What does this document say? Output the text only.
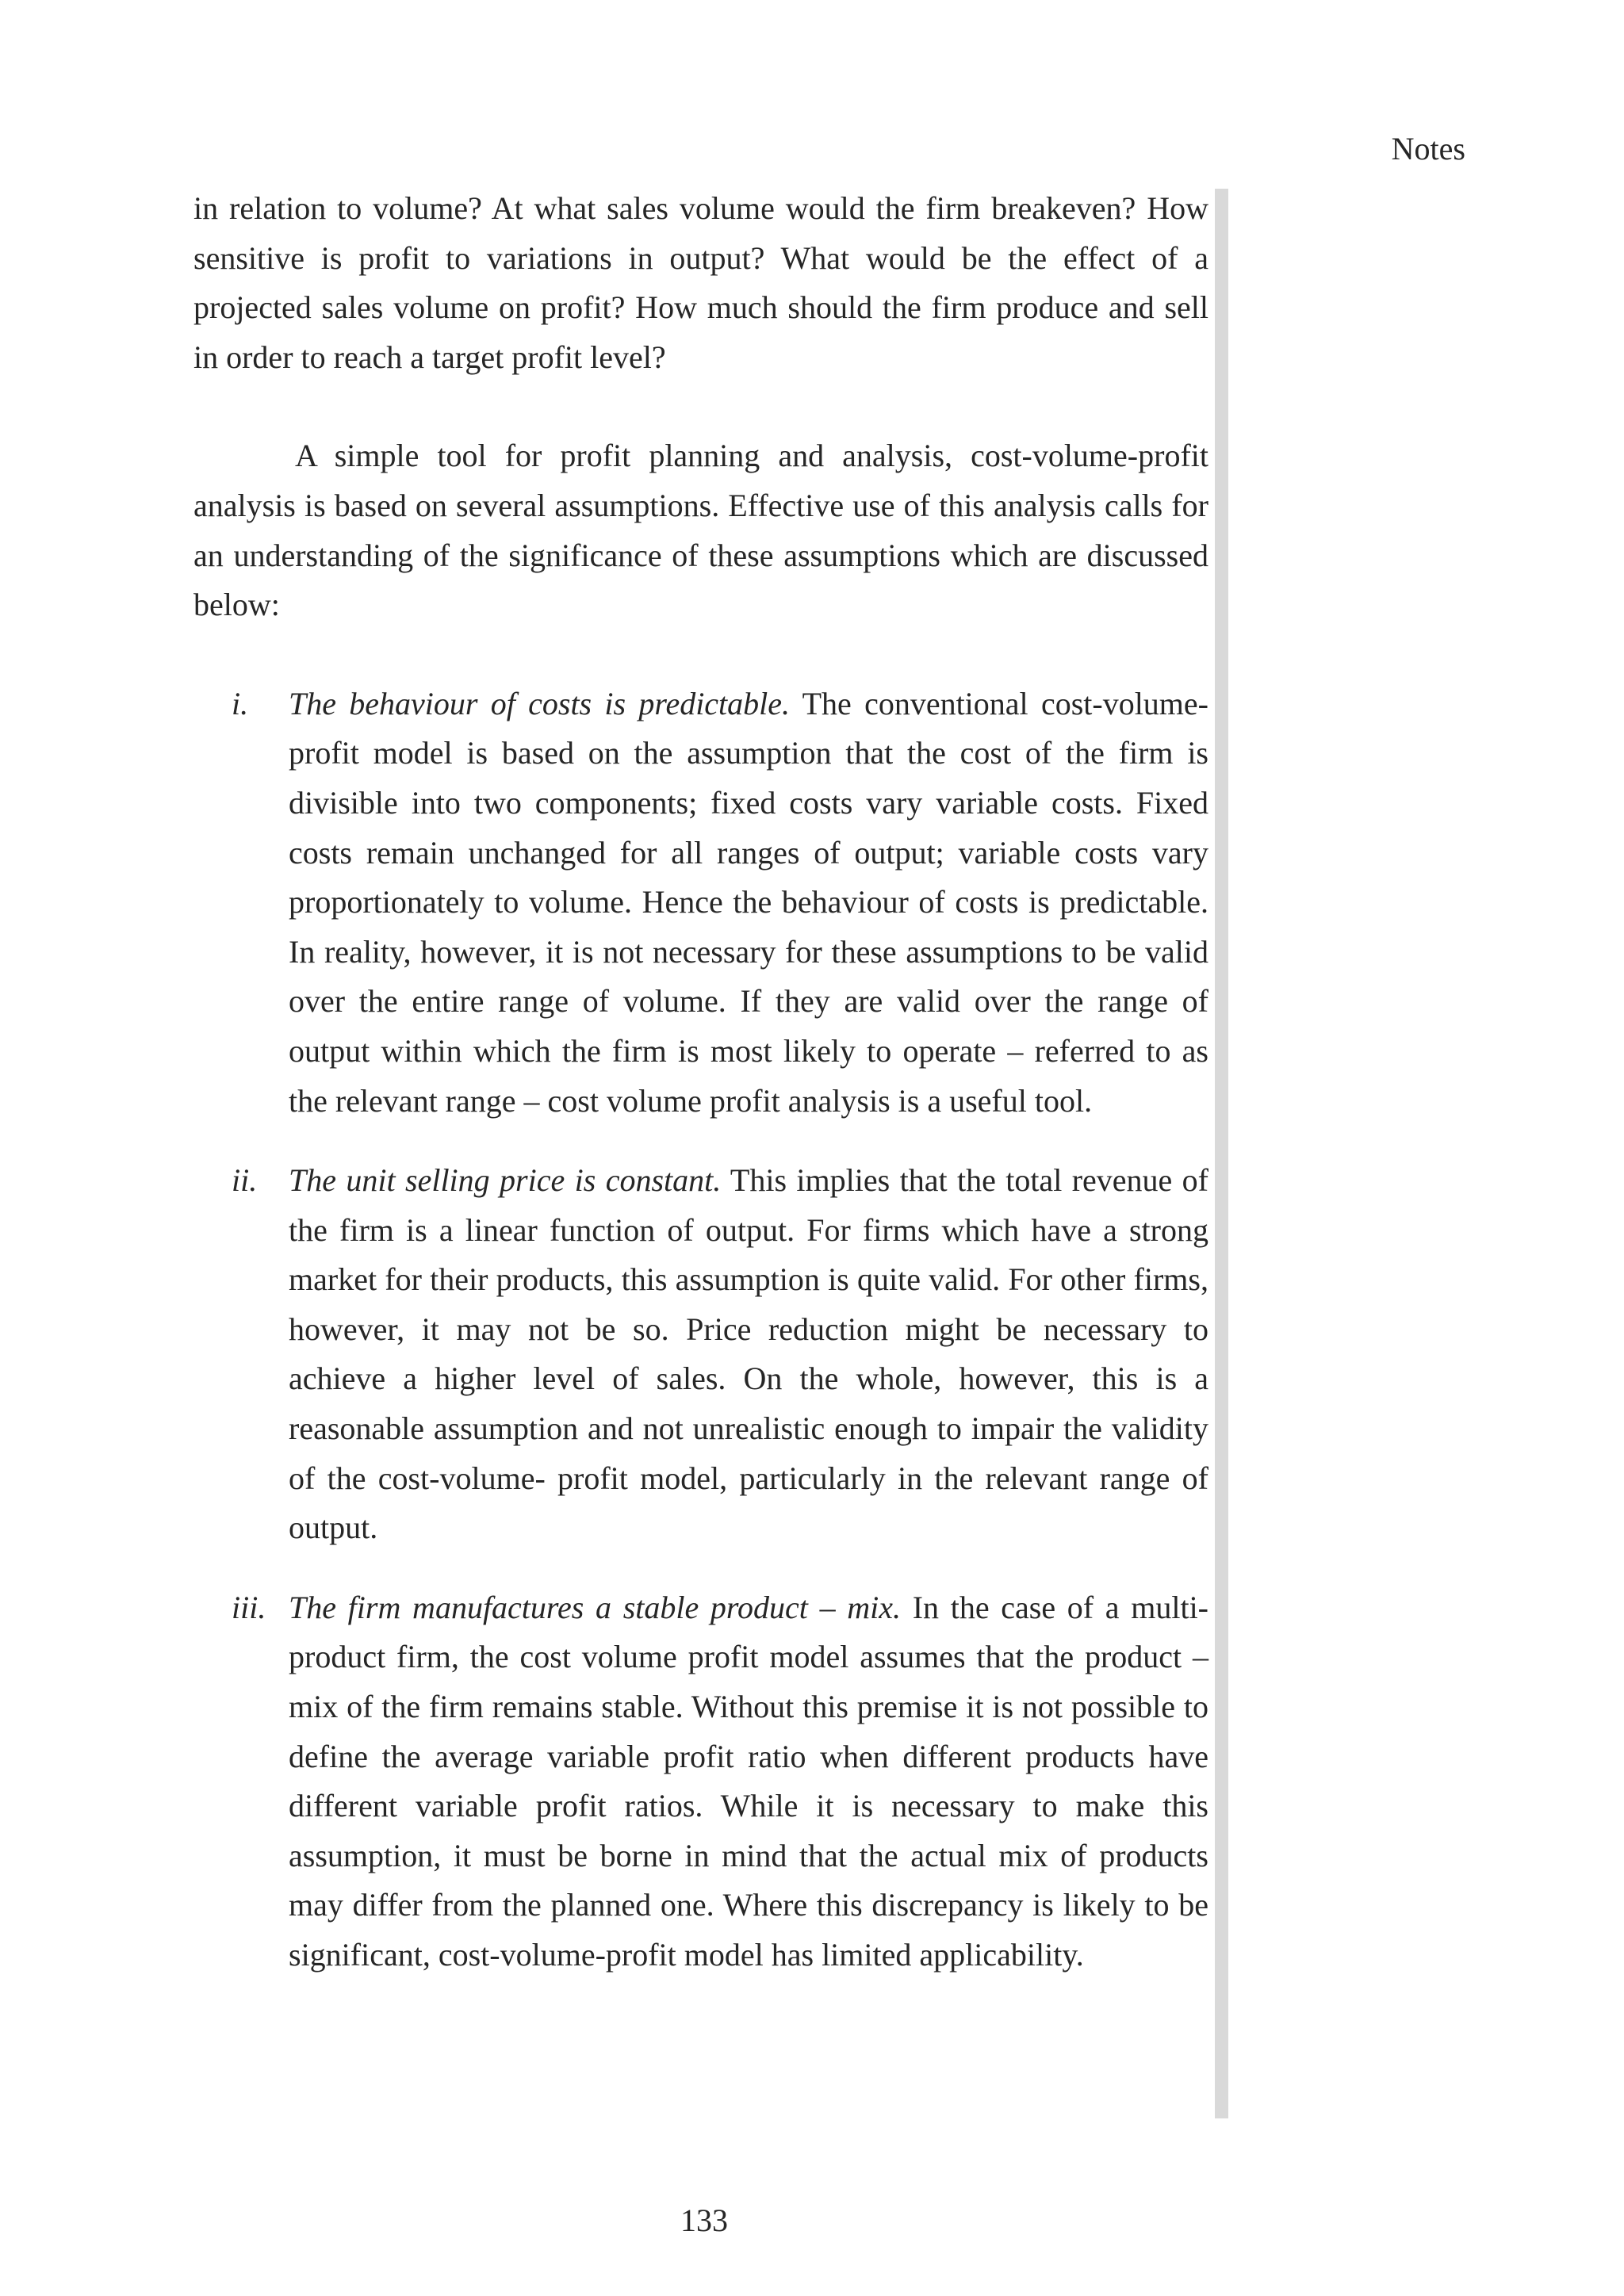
Notes

in relation to volume? At what sales volume would the firm breakeven? How sensitive is profit to variations in output? What would be the effect of a projected sales volume on profit? How much should the firm produce and sell in order to reach a target profit level?

A simple tool for profit planning and analysis, cost-volume-profit analysis is based on several assumptions. Effective use of this analysis calls for an understanding of the significance of these assumptions which are discussed below:

i. The behaviour of costs is predictable. The conventional cost-volume-profit model is based on the assumption that the cost of the firm is divisible into two components; fixed costs vary variable costs. Fixed costs remain unchanged for all ranges of output; variable costs vary proportionately to volume. Hence the behaviour of costs is predictable. In reality, however, it is not necessary for these assumptions to be valid over the entire range of volume. If they are valid over the range of output within which the firm is most likely to operate – referred to as the relevant range – cost volume profit analysis is a useful tool.
ii. The unit selling price is constant. This implies that the total revenue of the firm is a linear function of output. For firms which have a strong market for their products, this assumption is quite valid. For other firms, however, it may not be so. Price reduction might be necessary to achieve a higher level of sales. On the whole, however, this is a reasonable assumption and not unrealistic enough to impair the validity of the cost-volume- profit model, particularly in the relevant range of output.
iii. The firm manufactures a stable product – mix. In the case of a multi-product firm, the cost volume profit model assumes that the product – mix of the firm remains stable. Without this premise it is not possible to define the average variable profit ratio when different products have different variable profit ratios. While it is necessary to make this assumption, it must be borne in mind that the actual mix of products may differ from the planned one. Where this discrepancy is likely to be significant, cost-volume-profit model has limited applicability.
133
